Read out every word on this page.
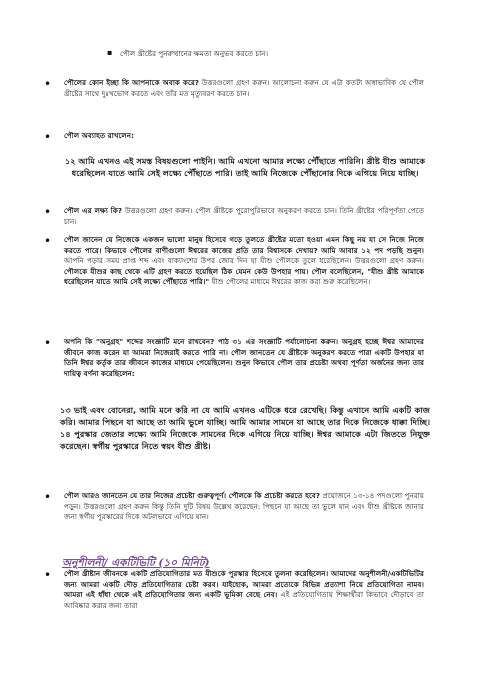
▪ পৌল খ্রীষ্টের পুনরুত্থানের ক্ষমতা অনুভব করতে চান।

• পৌলের কোন ইচ্ছা কি আপনাকে অবাক করে? উত্তরগুলো গ্রহণ করুন। আলোচনা করুন যে এটা কতটা অস্বাভাবিক যে পৌল খ্রীষ্টের সাথে দুঃখভোগ করতে এবং তাঁর মত মৃত্যুবরণ করতে চান।

• পৌল অব্যাহত রাখলেন:

১২ আমি এখনও এই সমস্ত বিষয়গুলো পাইনি। আমি এখনো আমার লক্ষ্যে পৌঁছাতে পারিনি। খ্রীষ্ট যীশু আমাকে ধরেছিলেন যাতে আমি সেই লক্ষ্যে পৌঁছাতে পারি। তাই আমি নিজেকে পৌঁছানোর দিকে এগিয়ে নিয়ে যাচ্ছি।

• পৌল এর লক্ষ্য কি? উত্তরগুলো গ্রহণ করুন। পৌল খ্রীষ্টকে পুরোপুরিভাবে অনুকরণ করতে চান। তিনি খ্রীষ্টের পরিপূর্ণতা পেতে চান।

• পৌল জানেন যে নিজেকে একজন ভালো মানুষ হিসেবে গড়ে তুলতে খ্রীষ্টের মতো হওয়া এমন কিছু নয় যা সে নিজে নিজে করতে পারে। কিভাবে পৌলের বাণীগুলো ঈশ্বরের কাজের প্রতি তার বিশ্বাসকে দেখায়? আমি আবার ১২ পদ পড়ছি শুনুন। আপনি পড়ার সময় প্রাপ্ত শব্দ এবং বাক্যাংশের উপর জোর দিন যা যীশু পৌলকে তুলে ধরেছিলেন। উত্তরগুলো গ্রহণ করুন। পৌলকে যীশুর কাছ থেকে এটি গ্রহণ করতে হয়েছিল ঠিক যেমন কেউ উপহার পায়। পৌল বলেছিলেন, "যীশু খ্রীষ্ট আমাকে ধরেছিলেন যাতে আমি সেই লক্ষ্যে পৌঁছাতে পারি।" যীশু পৌলের মাধ্যমে ঈশ্বরের কাজ করা শুরু করেছিলেন।

• অপনি কি "অনুগ্রহ" শব্দের সংজ্ঞাটি মনে রাখবেন? পাঠ ৩১ এর সংজ্ঞাটি পর্যালোচনা করুন। অনুগ্রহ হচ্ছে ঈশ্বর আমাদের জীবনে কাজ করেন যা আমরা নিজেরাই করতে পারি না। পৌল জানতেন যে খ্রীষ্টকে অনুকরণ করতে পারা একটি উপহার যা তিনি ঈশ্বর কর্তৃক তার জীবনে কাজের মাধ্যমে পেয়েছিলেন। শুনুন কিভাবে পৌল তার প্রচেষ্টা অথবা পূর্ণতা অর্জনের জন্য তার দায়িত্ব বর্ণনা করেছিলেন:

১৩ ভাই এবং বোনেরা, আমি মনে করি না যে আমি এখনও এটিকে ধরে রেখেছি। কিন্তু এখানে আমি একটি কাজ করি। আমার পিছনে যা আছে তা আমি ভুলে যাচ্ছি। আমি আমার সামনে যা আছে তার দিকে নিজেকে ধাক্কা দিচ্ছি। ১৪ পুরস্কার জেতার লক্ষ্যে আমি নিজেকে সামনের দিকে এগিয়ে নিয়ে যাচ্ছি। ঈশ্বর আমাকে এটা জিততে নিযুক্ত করেছেন। স্বর্গীয় পুরস্কারে নিতে স্বয়ং যীশু খ্রীষ্ট।

• পৌল আরও জানতেন যে তার নিজের প্রচেষ্টা গুরুত্বপূর্ণ। পৌলকে কি প্রচেষ্টা করতে হবে? প্রয়োজনে ১৩-১৪ পদগুলো পুনরায় পড়ুন। উত্তরগুলো গ্রহণ করুন কিন্তু তিনি দুটি বিষয় উল্লেখ করেছেন: পিছনে যা আছে তা ভুলে যান এবং যীশু খ্রীষ্টকে জানার জন্য স্বর্গীয় পুরস্কারের দিকে অটলভাবে এগিয়ে যান।

অনুশীলনী/ একটিভিটি (১০ মিনিট)

• পৌল খ্রীষ্টান জীবনকে একটি প্রতিযোগিতার মত যীশুকে পুরস্কার হিসেবে তুলনা করেছিলেন। আমাদের অনুশীলনী/একটিভিটির জন্য আমরা একটি দৌড় প্রতিযোগিতার চেষ্টা করব। যাইহোক, আমরা প্রত্যেকে বিভিন্ন প্রত্যাশা নিয়ে প্রতিযোগিতা নামব। আমরা এই ধাঁধা থেকে এই প্রতিযোগিতার জন্য একটি ভূমিকা বেছে নেব। এই প্রতিযোগিতায় শিক্ষার্থীরা কিভাবে দৌড়াবে তা আবিষ্কার করার জন্য তারা
